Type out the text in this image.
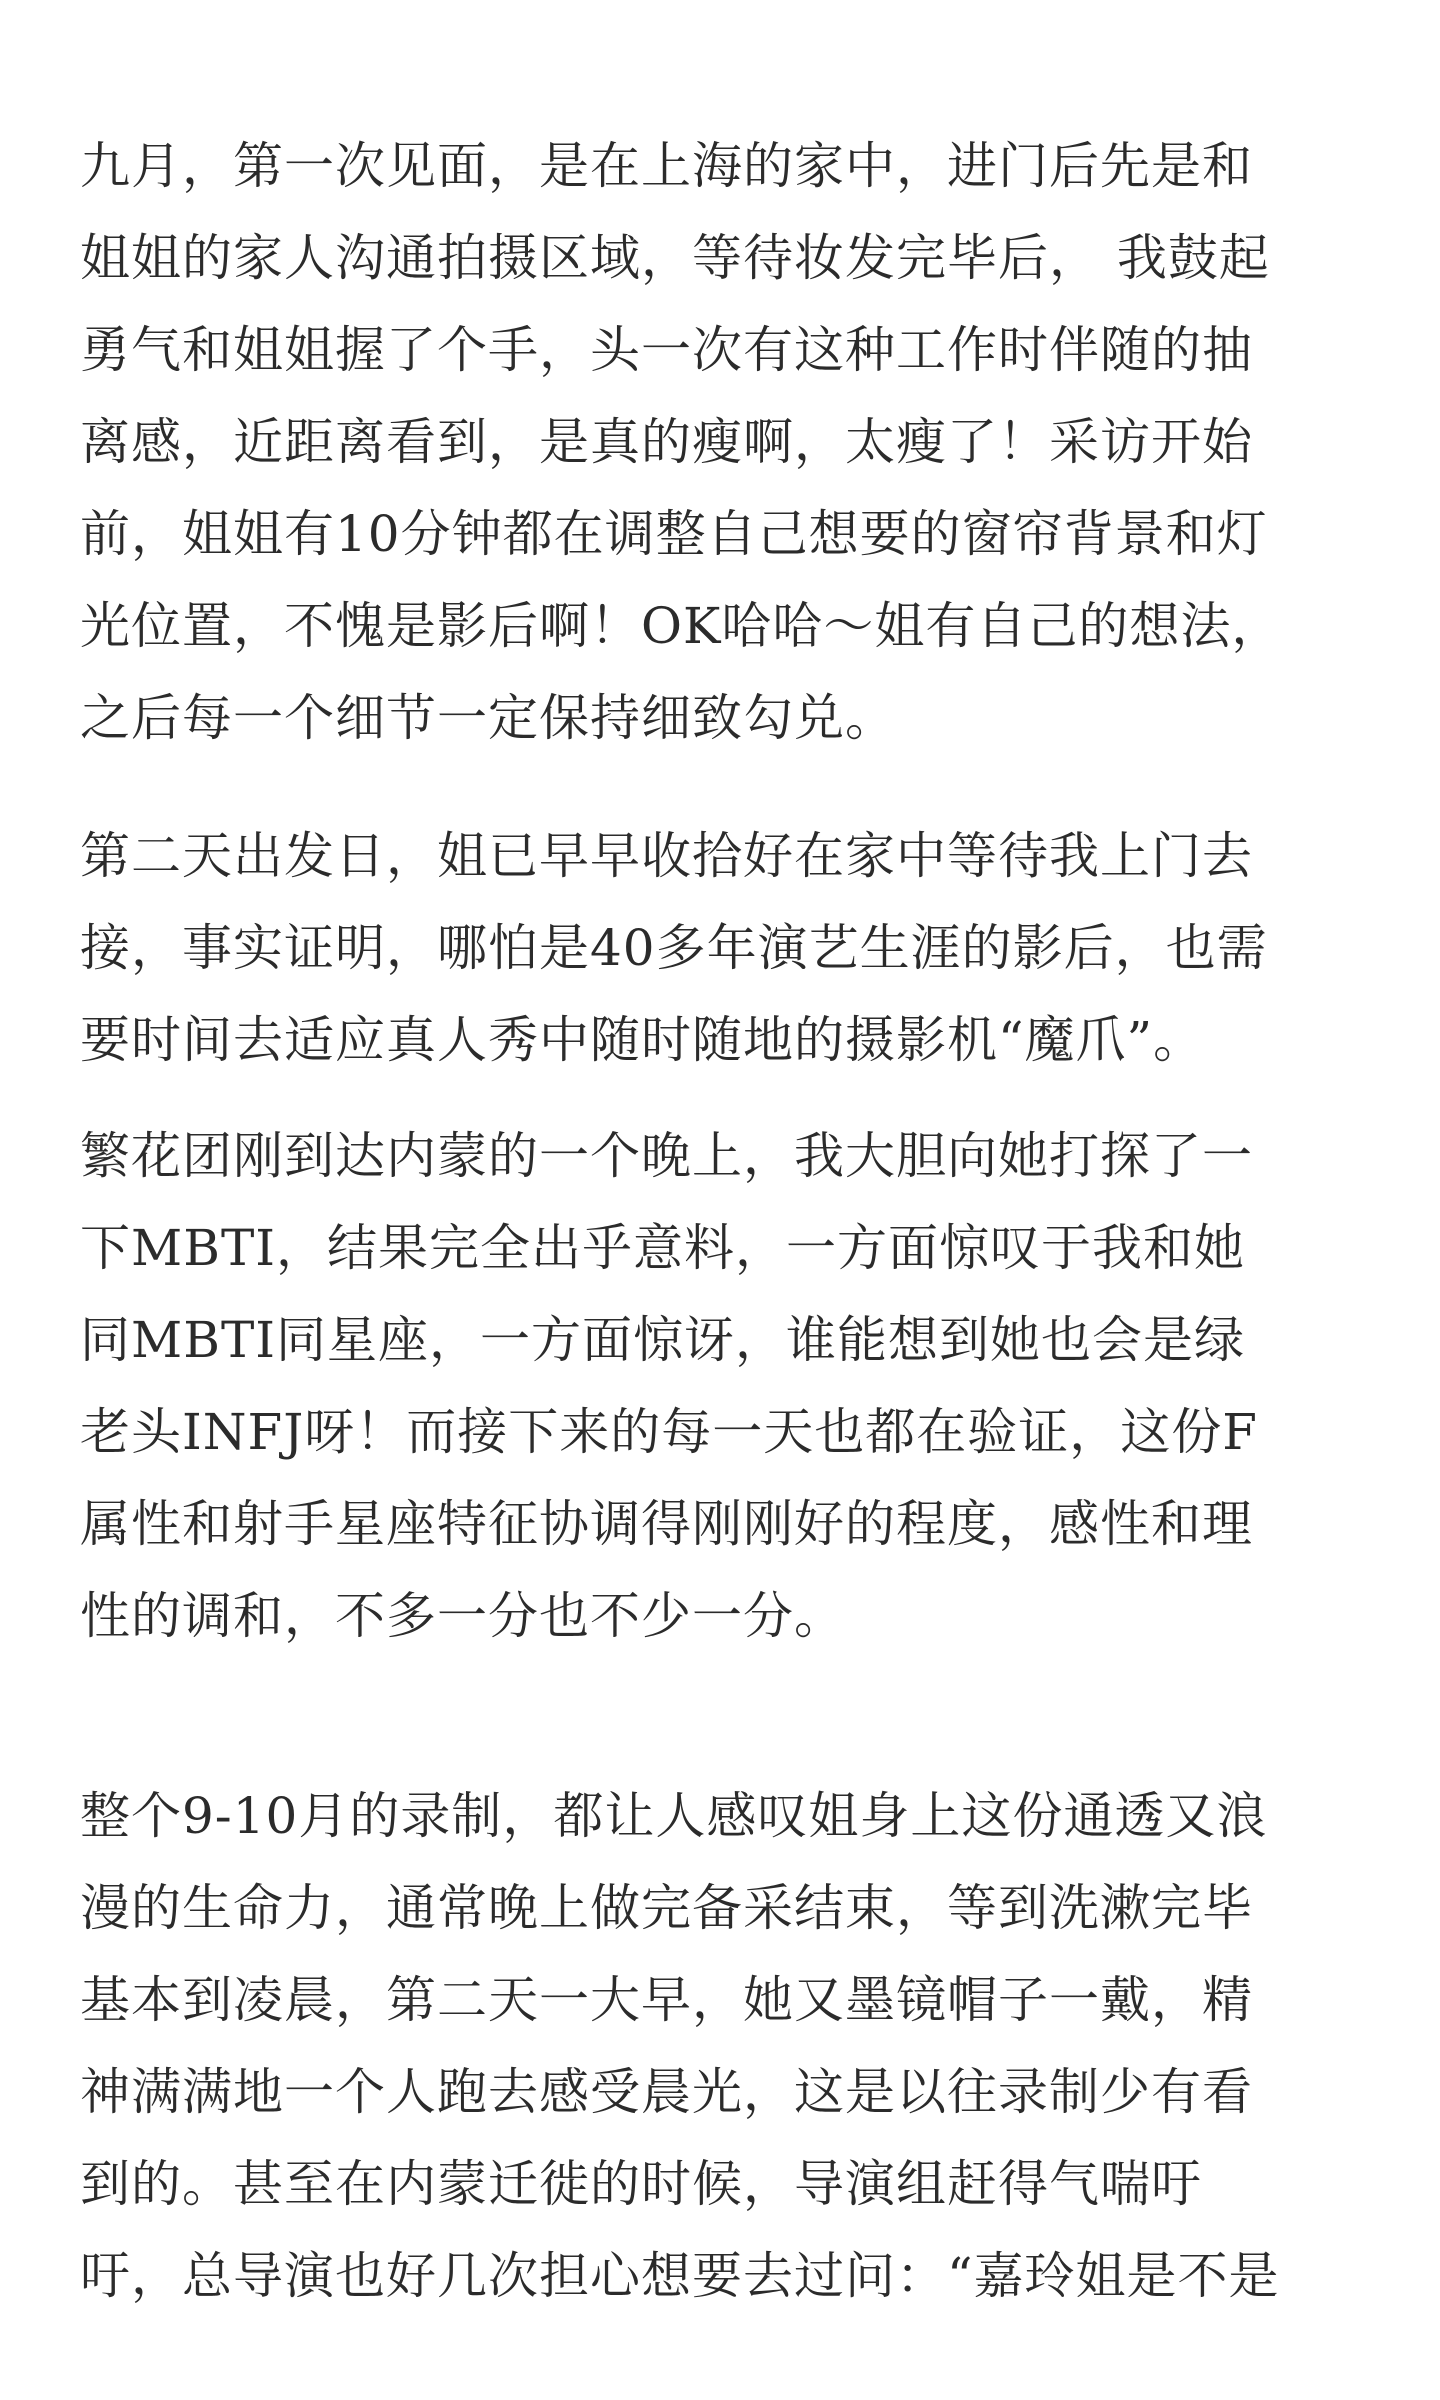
九月，第一次见面，是在上海的家中，进门后先是和
姐姐的家人沟通拍摄区域，等待妆发完毕后， 我鼓起
勇气和姐姐握了个手，头一次有这种工作时伴随的抽
离感，近距离看到，是真的瘦啊，太瘦了！采访开始
前，姐姐有10分钟都在调整自己想要的窗帘背景和灯
光位置，不愧是影后啊！OK哈哈～姐有自己的想法，
之后每一个细节一定保持细致勾兑。
第二天出发日，姐已早早收拾好在家中等待我上门去
接，事实证明，哪怕是40多年演艺生涯的影后，也需
要时间去适应真人秀中随时随地的摄影机“魔爪”。
繁花团刚到达内蒙的一个晚上，我大胆向她打探了一
下MBTI，结果完全出乎意料，一方面惊叹于我和她
同MBTI同星座，一方面惊讶，谁能想到她也会是绿
老头INFJ呀！而接下来的每一天也都在验证，这份F
属性和射手星座特征协调得刚刚好的程度，感性和理
性的调和，不多一分也不少一分。
整个9-10月的录制，都让人感叹姐身上这份通透又浪
漫的生命力，通常晚上做完备采结束，等到洗漱完毕
基本到凌晨，第二天一大早，她又墨镜帽子一戴，精
神满满地一个人跑去感受晨光，这是以往录制少有看
到的。甚至在内蒙迁徙的时候，导演组赶得气喘吁
吁，总导演也好几次担心想要去过问：“嘉玲姐是不是
